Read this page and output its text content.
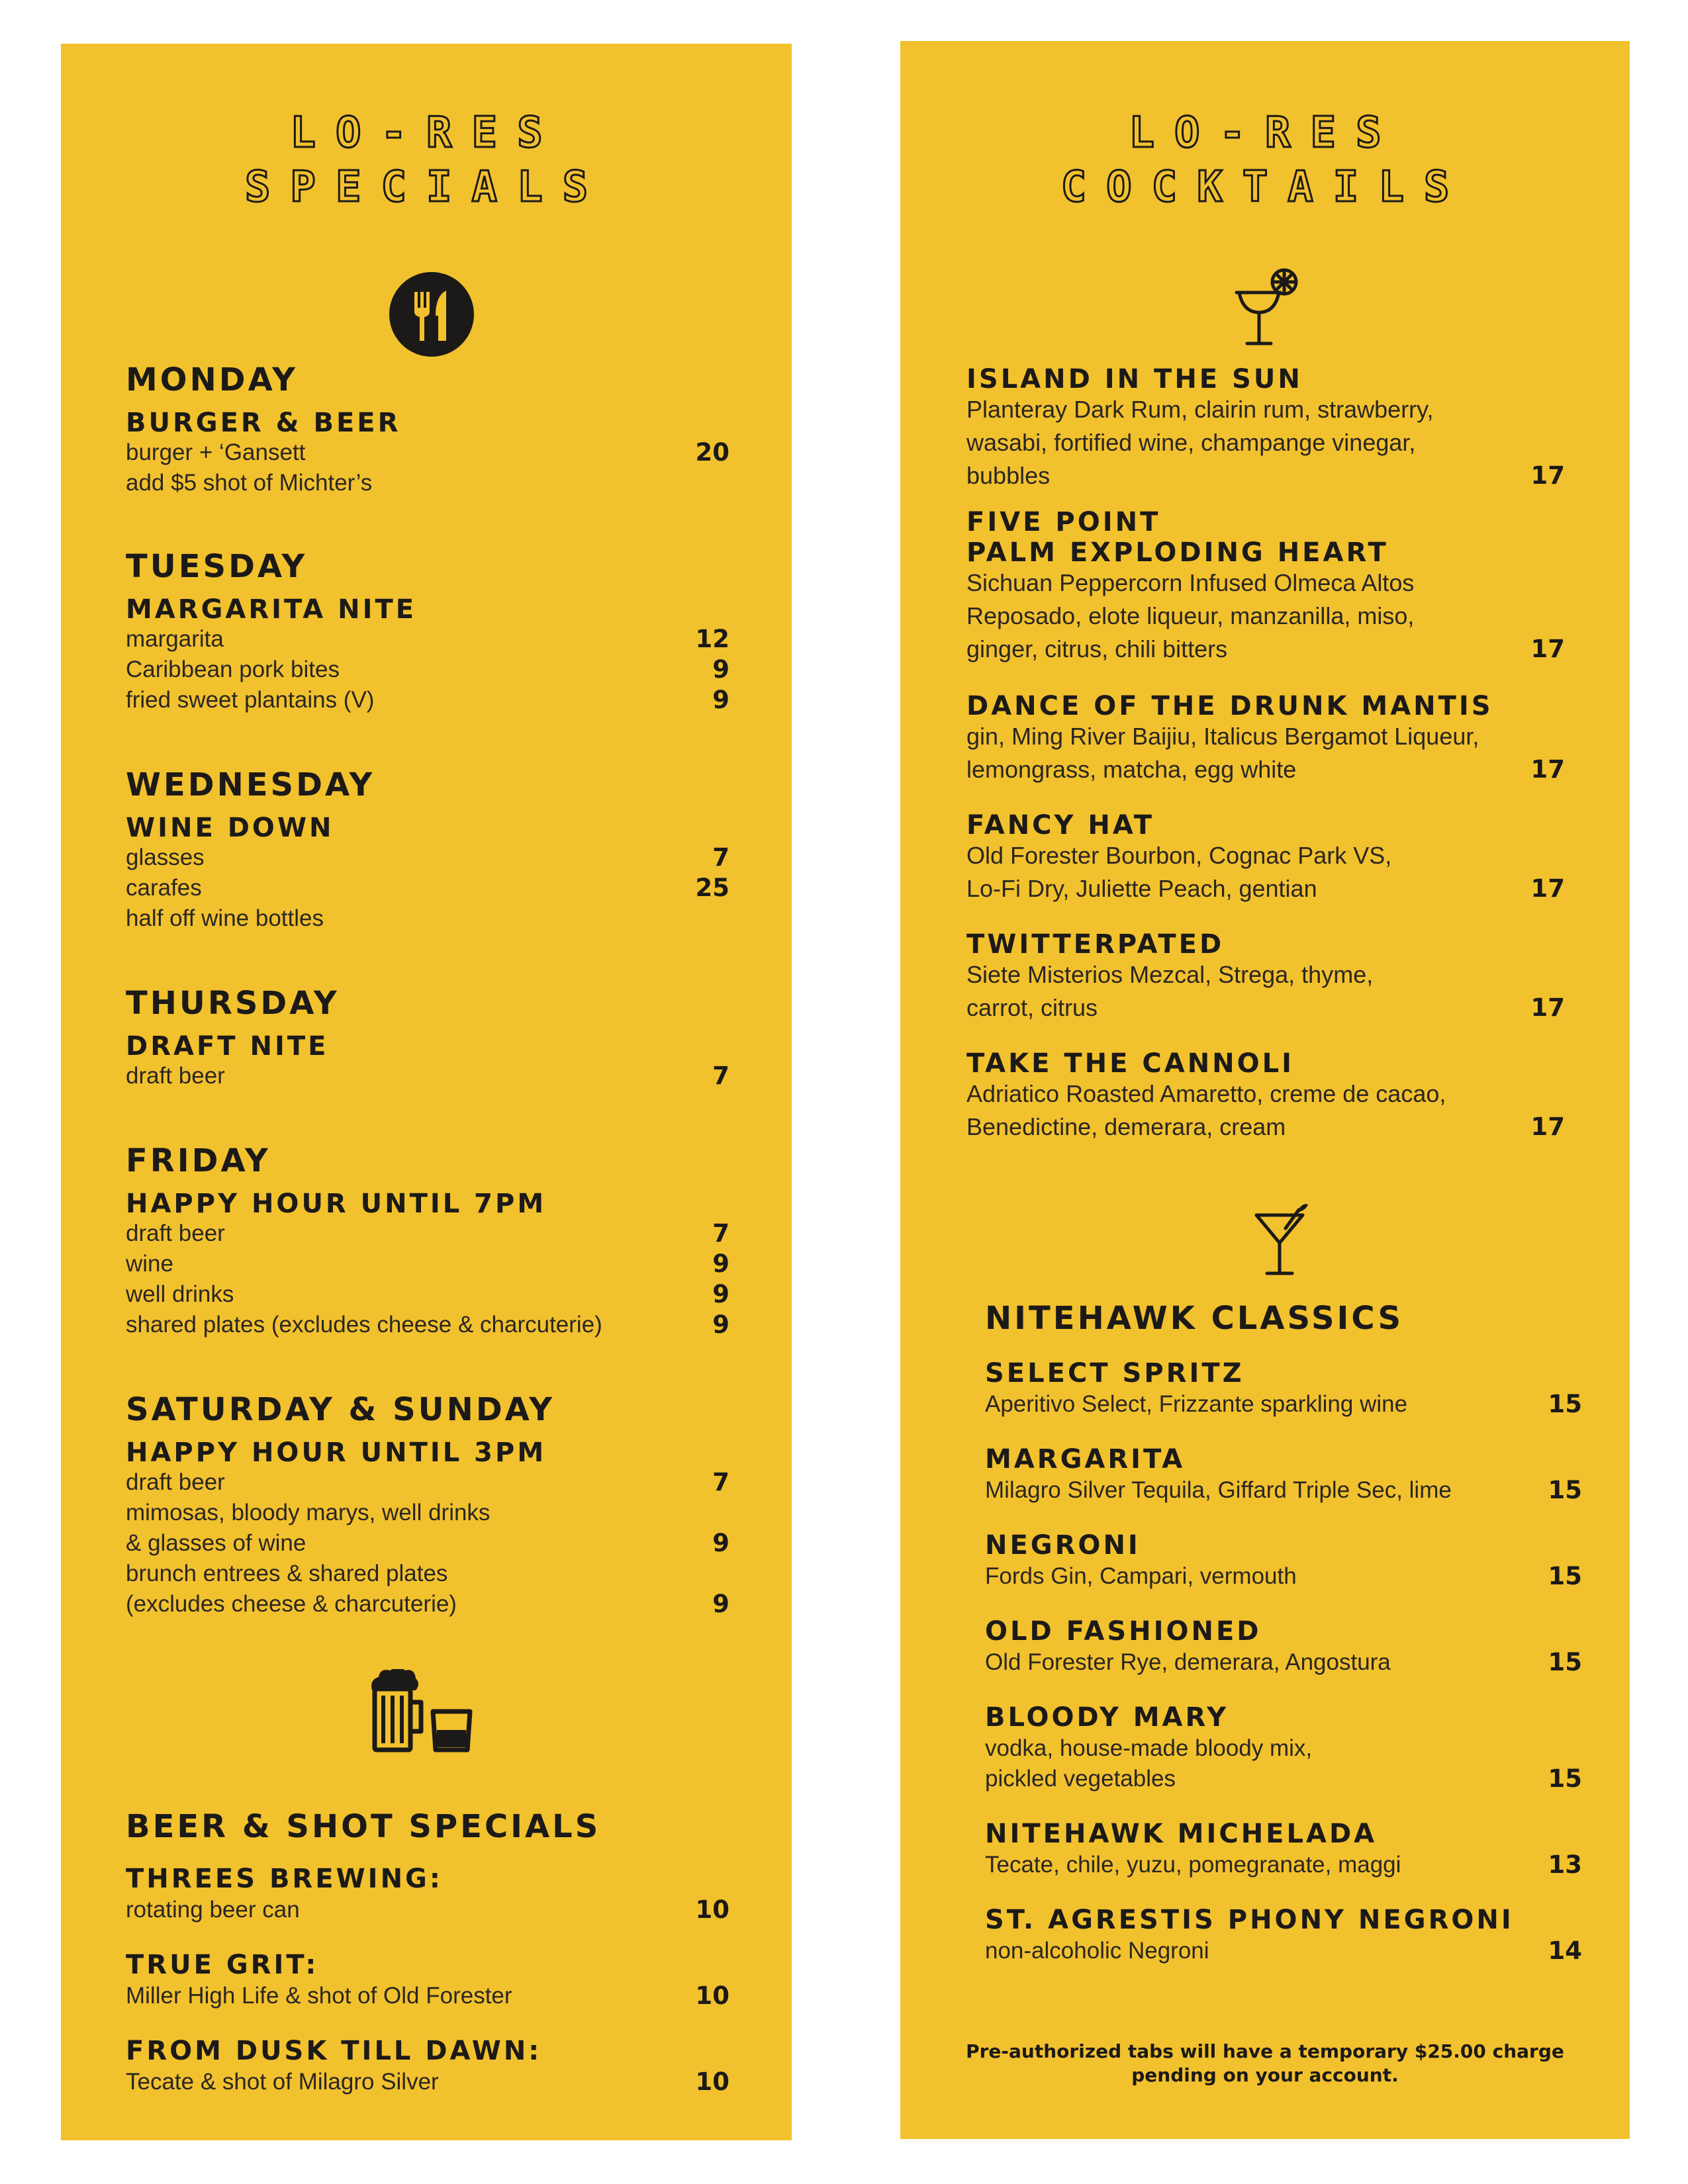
LO-RES
SPECIALS
MONDAY
BURGER & BEER
burger + ‘Gansett	20
add $5 shot of Michter’s
TUESDAY
MARGARITA NITE
margarita	12
Caribbean pork bites	9
fried sweet plantains (V)	9
WEDNESDAY
WINE DOWN
glasses	7
carafes	25
half off wine bottles
THURSDAY
DRAFT NITE
draft beer	7
FRIDAY
HAPPY HOUR UNTIL 7PM
draft beer	7
wine	9
well drinks	9
shared plates (excludes cheese & charcuterie)	9
SATURDAY & SUNDAY
HAPPY HOUR UNTIL 3PM
draft beer	7
mimosas, bloody marys, well drinks
& glasses of wine	9
brunch entrees & shared plates
(excludes cheese & charcuterie)	9
BEER & SHOT SPECIALS
THREES BREWING:
rotating beer can	10
TRUE GRIT:
Miller High Life & shot of Old Forester	10
FROM DUSK TILL DAWN:
Tecate & shot of Milagro Silver	10
LO-RES
COCKTAILS
ISLAND IN THE SUN
Planteray Dark Rum, clairin rum, strawberry,
wasabi, fortified wine, champange vinegar,
bubbles	17
FIVE POINT
PALM EXPLODING HEART
Sichuan Peppercorn Infused Olmeca Altos
Reposado, elote liqueur, manzanilla, miso,
ginger, citrus, chili bitters	17
DANCE OF THE DRUNK MANTIS
gin, Ming River Baijiu, Italicus Bergamot Liqueur,
lemongrass, matcha, egg white	17
FANCY HAT
Old Forester Bourbon, Cognac Park VS,
Lo-Fi Dry, Juliette Peach, gentian	17
TWITTERPATED
Siete Misterios Mezcal, Strega, thyme,
carrot, citrus	17
TAKE THE CANNOLI
Adriatico Roasted Amaretto, creme de cacao,
Benedictine, demerara, cream	17
NITEHAWK CLASSICS
SELECT SPRITZ
Aperitivo Select, Frizzante sparkling wine	15
MARGARITA
Milagro Silver Tequila, Giffard Triple Sec, lime	15
NEGRONI
Fords Gin, Campari, vermouth	15
OLD FASHIONED
Old Forester Rye, demerara, Angostura	15
BLOODY MARY
vodka, house-made bloody mix,
pickled vegetables	15
NITEHAWK MICHELADA
Tecate, chile, yuzu, pomegranate, maggi	13
ST. AGRESTIS PHONY NEGRONI
non-alcoholic Negroni	14
Pre-authorized tabs will have a temporary $25.00 charge
pending on your account.
